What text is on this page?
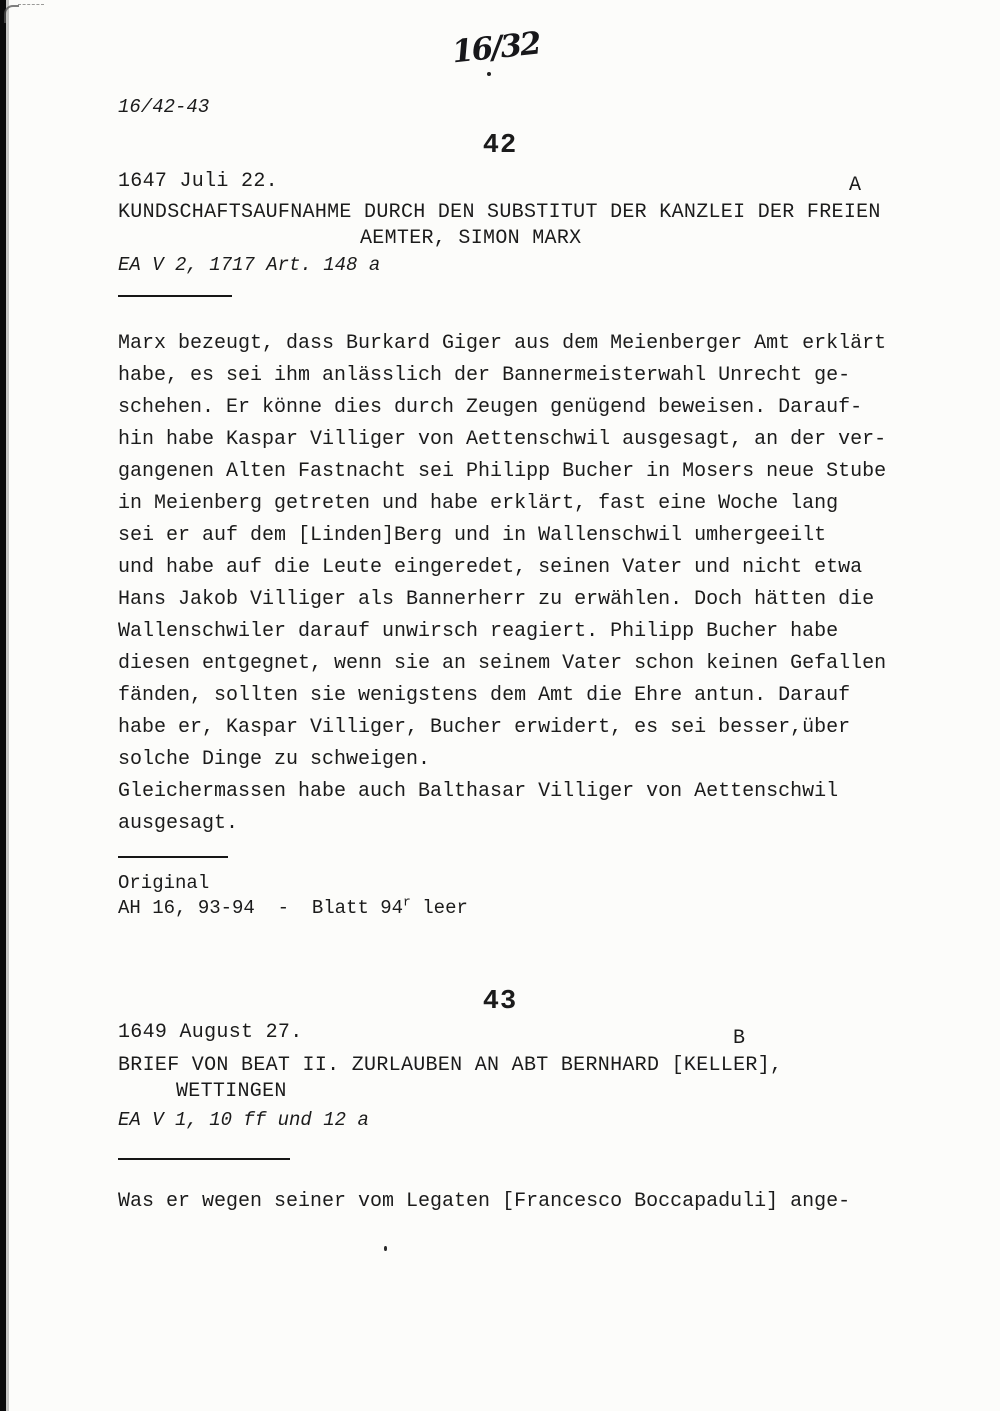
16/32
16/42-43
42
1647 Juli 22.	A
KUNDSCHAFTSAUFNAHME DURCH DEN SUBSTITUT DER KANZLEI DER FREIEN
AEMTER, SIMON MARX
EA V 2, 1717 Art. 148 a
Marx bezeugt, dass Burkard Giger aus dem Meienberger Amt erklärt
habe, es sei ihm anlässlich der Bannermeisterwahl Unrecht ge-
schehen. Er könne dies durch Zeugen genügend beweisen. Darauf-
hin habe Kaspar Villiger von Aettenschwil ausgesagt, an der ver-
gangenen Alten Fastnacht sei Philipp Bucher in Mosers neue Stube
in Meienberg getreten und habe erklärt, fast eine Woche lang
sei er auf dem [Linden]Berg und in Wallenschwil umhergeeilt
und habe auf die Leute eingeredet, seinen Vater und nicht etwa
Hans Jakob Villiger als Bannerherr zu erwählen. Doch hätten die
Wallenschwiler darauf unwirsch reagiert. Philipp Bucher habe
diesen entgegnet, wenn sie an seinem Vater schon keinen Gefallen
fänden, sollten sie wenigstens dem Amt die Ehre antun. Darauf
habe er, Kaspar Villiger, Bucher erwidert, es sei besser,über
solche Dinge zu schweigen.
Gleichermassen habe auch Balthasar Villiger von Aettenschwil
ausgesagt.
Original
AH 16, 93-94  -  Blatt 94$^r$ leer
43
1649 August 27.	B
BRIEF VON BEAT II. ZURLAUBEN AN ABT BERNHARD [KELLER],
WETTINGEN
EA V 1, 10 ff und 12 a
Was er wegen seiner vom Legaten [Francesco Boccapaduli] ange-
